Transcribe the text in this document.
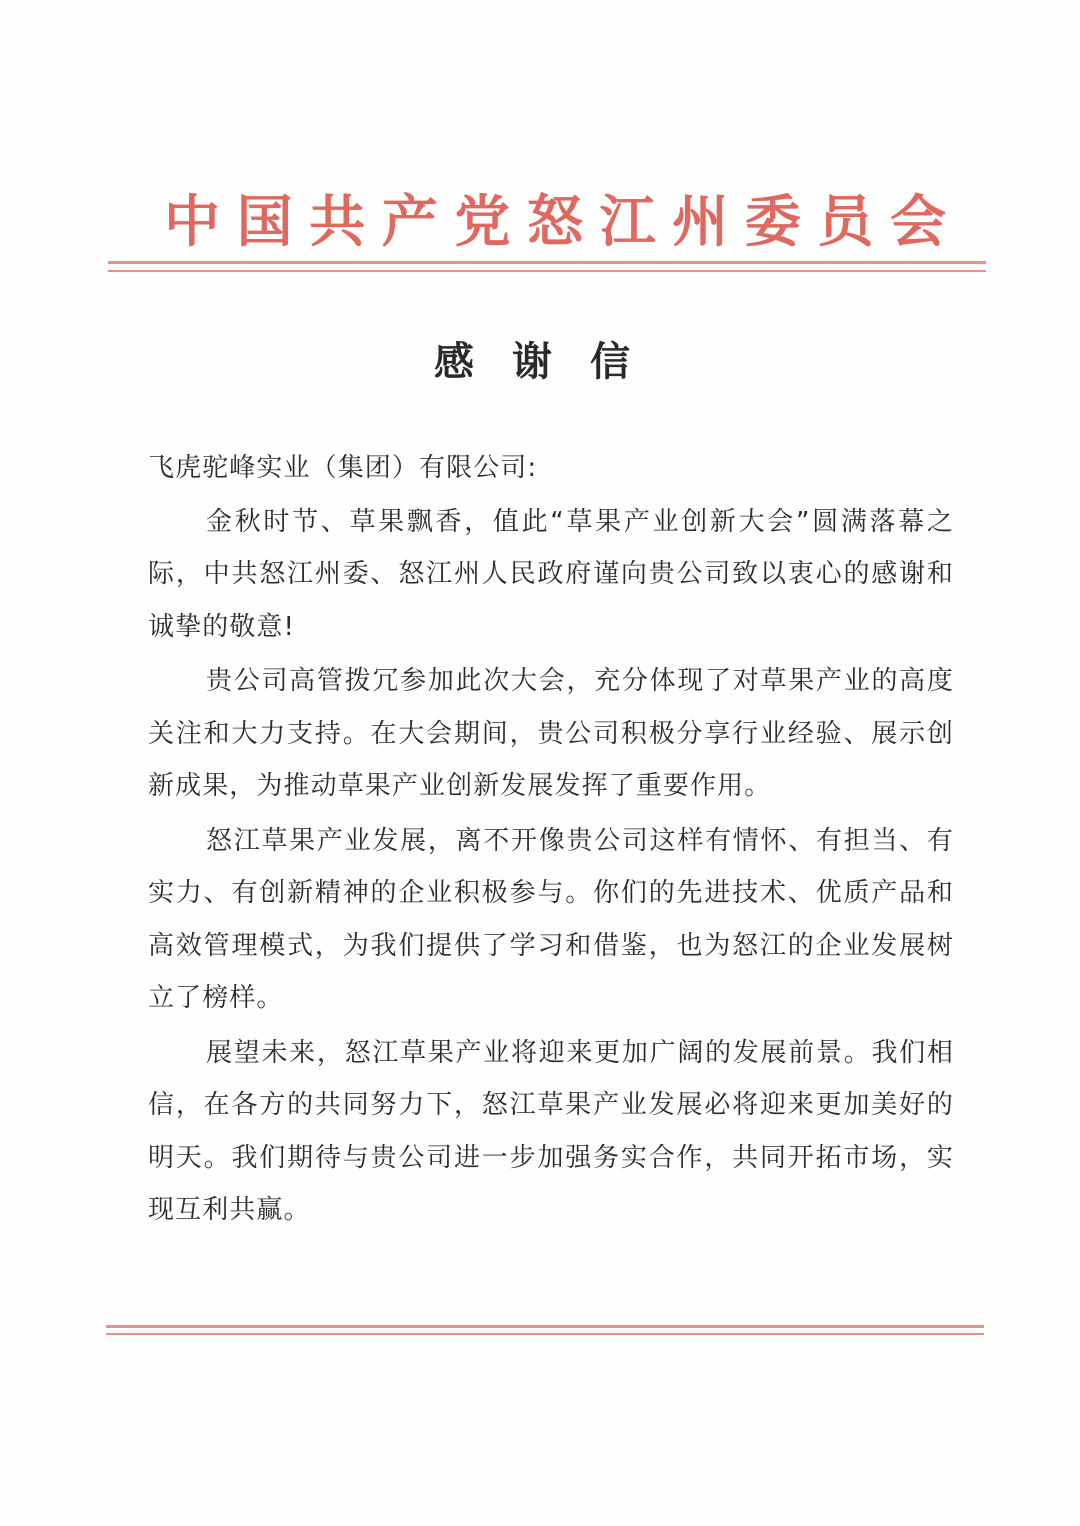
中 国 共 产 党 怒 江 州 委 员 会
感谢信

飞虎驼峰实业（集团）有限公司:

金秋时节、草果飘香，值此“草果产业创新大会”圆满落幕之际，中共怒江州委、怒江州人民政府谨向贵公司致以衷心的感谢和诚挚的敬意!

贵公司高管拨冗参加此次大会，充分体现了对草果产业的高度关注和大力支持。在大会期间，贵公司积极分享行业经验、展示创新成果，为推动草果产业创新发展发挥了重要作用。

怒江草果产业发展，离不开像贵公司这样有情怀、有担当、有实力、有创新精神的企业积极参与。你们的先进技术、优质产品和高效管理模式，为我们提供了学习和借鉴，也为怒江的企业发展树立了榜样。

展望未来，怒江草果产业将迎来更加广阔的发展前景。我们相信，在各方的共同努力下，怒江草果产业发展必将迎来更加美好的明天。我们期待与贵公司进一步加强务实合作，共同开拓市场，实现互利共赢。
